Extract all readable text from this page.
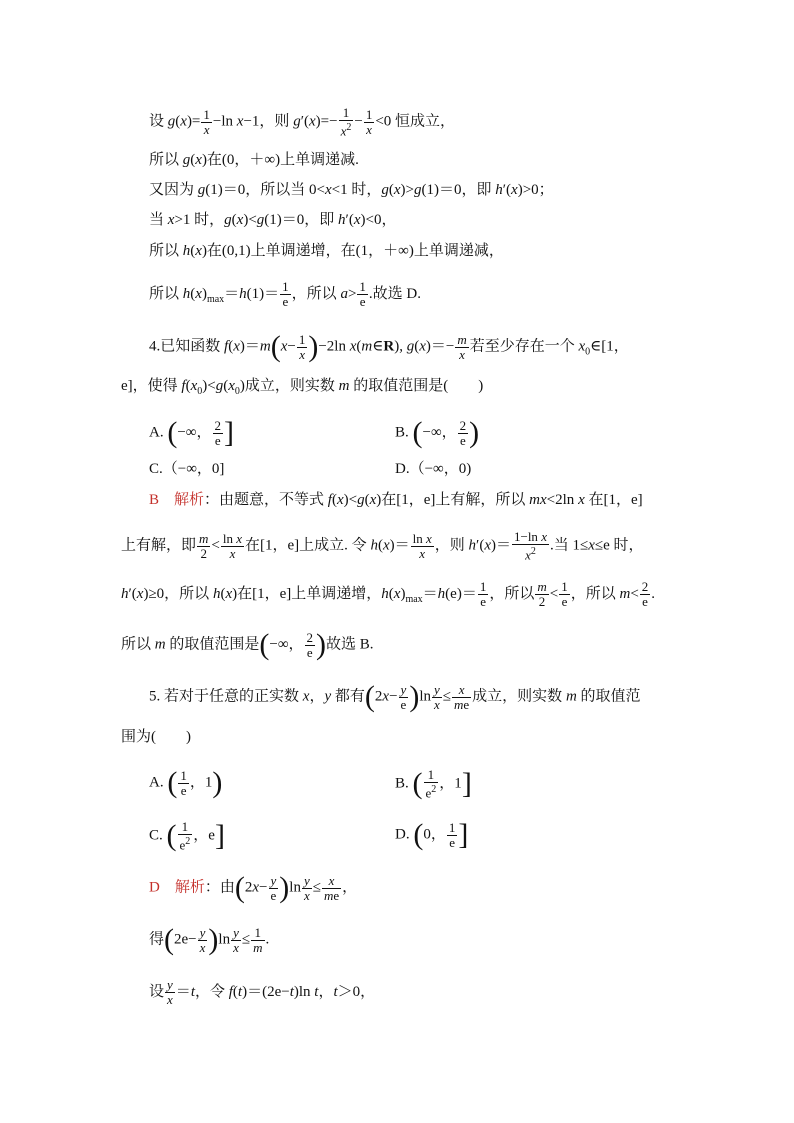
设 $g(x)= \frac{1}{x} -\ln$ x−1，则 $g'(x)=- \frac{1}{x^2} - \frac{1}{x} <0$ 恒成立，
所以 g(x)在(0，＋∞)上单调递减.
又因为 g(1)＝0，所以当 0<x<1 时，g(x)>g(1)＝0，即 h′(x)>0；
当 x>1 时，g(x)<g(1)＝0，即 h′(x)<0，
所以 h(x)在(0,1)上单调递增，在(1，＋∞)上单调递减，
所以 $h(x)_{max}=h(1)= \frac{1}{e}$ ，所以 $a> \frac{1}{e}$ .故选 D.
4.已知函数 $f(x)=m(x- \frac{1}{x} )-2\ln$ x(m∈R), $g(x)=- \frac{m}{x}$ 若至少存在一个 $x_0\in[1$，
e]，使得 $f(x_0)<g(x_0)$成立，则实数 m 的取值范围是(　　)
A. (−∞， $\frac{2}{e}$ ]	B. (−∞， $\frac{2}{e}$ )
C.（−∞，0]	D.（−∞，0)
B　解析：由题意，不等式 f(x)<g(x)在[1，e]上有解，所以 mx<2ln x 在[1，e]
上有解，即 $\frac{m}{2} < \frac{\text{ln x}}{x}$ 在[1，e]上成立. 令 $h(x)= \frac{\text{ln x}}{x}$ ，则 $h'(x)= \frac{\text{1−ln x}}{x^2}$ .当 1≤x≤e 时，
h′(x)≥0，所以 h(x)在[1，e]上单调递增，$h(x)_{max}=h(e)= \frac{1}{e}$ ，所以 $\frac{m}{2} < \frac{1}{e}$ ，所以 $m< \frac{2}{e}$ .
所以 m 的取值范围是(−∞， $\frac{2}{e}$ )故选 B.
5. 若对于任意的正实数 x，y 都有$(2x- \frac{y}{e} )\ln \frac{y}{x} \le \frac{x}{me}$ 成立，则实数 m 的取值范
围为(　　)
A. ( $\frac{1}{e}$ ，1)	B. ( $\frac{1}{e^2}$ ，1]
C. ( $\frac{1}{e^2}$ ，e]	D. (0， $\frac{1}{e}$ ]
D　解析：由$(2x- \frac{y}{e} )\ln \frac{y}{x} \le \frac{x}{me}$ ，
得$(2e- \frac{y}{x} )\ln \frac{y}{x} \le \frac{1}{m}$ .
设 $\frac{y}{x} =t$，令 f(t)＝(2e−t)ln t，t＞0，
